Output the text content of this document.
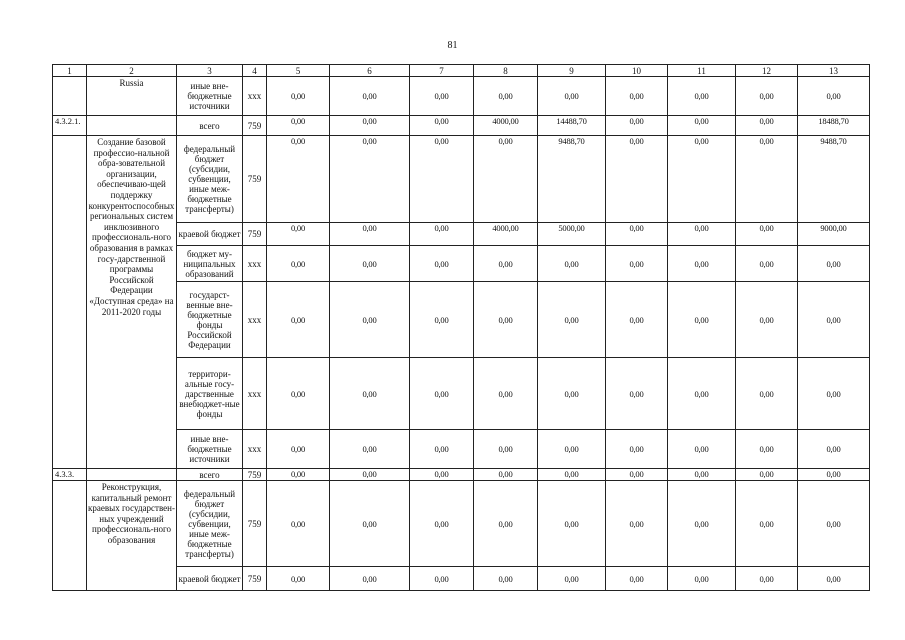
81
1	2	3	4	5	6	7	8	9	10	11	12	13
	Russia	иные вне-бюджетные источники	ххх	0,00	0,00	0,00	0,00	0,00	0,00	0,00	0,00	0,00
4.3.2.1.		всего	759	0,00	0,00	0,00	4000,00	14488,70	0,00	0,00	0,00	18488,70
	Создание базовой профессио-нальной обра-зовательной организации, обеспечиваю-щей поддержку конкурентоспособных региональных систем инклюзивного профессиональ-ного образования в рамках госу-дарственной программы Российской Федерации «Доступная среда» на 2011-2020 годы	федеральный бюджет (субсидии, субвенции, иные меж-бюджетные трансферты)	759	0,00	0,00	0,00	0,00	9488,70	0,00	0,00	0,00	9488,70
		краевой бюджет	759	0,00	0,00	0,00	4000,00	5000,00	0,00	0,00	0,00	9000,00
		бюджет му-ниципальных образований	ххх	0,00	0,00	0,00	0,00	0,00	0,00	0,00	0,00	0,00
		государст-венные вне-бюджетные фонды Российской Федерации	ххх	0,00	0,00	0,00	0,00	0,00	0,00	0,00	0,00	0,00
		территори-альные госу-дарственные внебюджет-ные фонды	ххх	0,00	0,00	0,00	0,00	0,00	0,00	0,00	0,00	0,00
		иные вне-бюджетные источники	ххх	0,00	0,00	0,00	0,00	0,00	0,00	0,00	0,00	0,00
4.3.3.		всего	759	0,00	0,00	0,00	0,00	0,00	0,00	0,00	0,00	0,00
	Реконструкция, капитальный ремонт краевых государствен-ных учреждений профессиональ-ного образования	федеральный бюджет (субсидии, субвенции, иные меж-бюджетные трансферты)	759	0,00	0,00	0,00	0,00	0,00	0,00	0,00	0,00	0,00
		краевой бюджет	759	0,00	0,00	0,00	0,00	0,00	0,00	0,00	0,00	0,00
